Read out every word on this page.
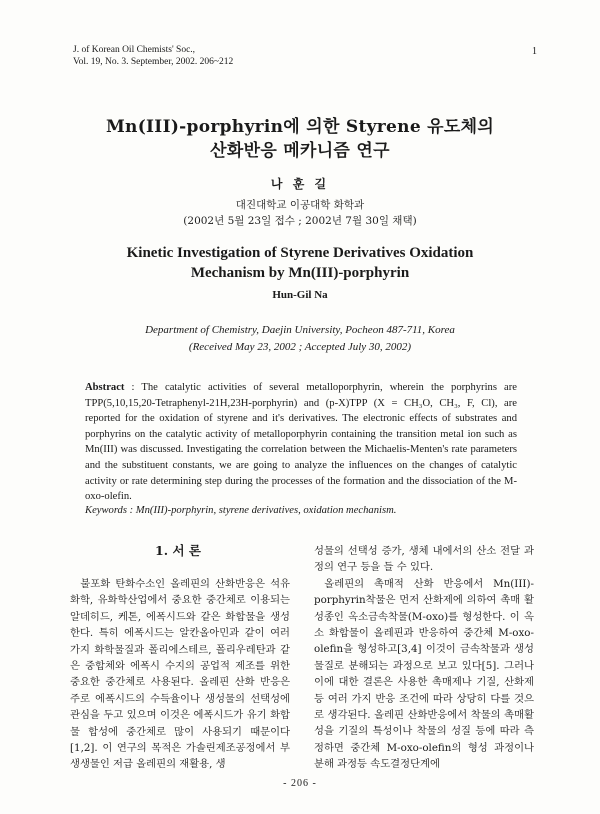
J. of Korean Oil Chemists' Soc.,
Vol. 19, No. 3. September, 2002. 206~212
1
Mn(III)-porphyrin에 의한 Styrene 유도체의
산화반응 메카니즘 연구
나 훈 길
대진대학교 이공대학 화학과
(2002년 5월 23일 접수 ; 2002년 7월 30일 채택)
Kinetic Investigation of Styrene Derivatives Oxidation
Mechanism by Mn(III)-porphyrin
Hun-Gil Na
Department of Chemistry, Daejin University, Pocheon 487-711, Korea
(Received May 23, 2002 ; Accepted July 30, 2002)
Abstract : The catalytic activities of several metalloporphyrin, wherein the porphyrins are TPP(5,10,15,20-Tetraphenyl-21H,23H-porphyrin) and (p-X)TPP (X = CH₃O, CH₃, F, Cl), are reported for the oxidation of styrene and it's derivatives. The electronic effects of substrates and porphyrins on the catalytic activity of metalloporphyrin containing the transition metal ion such as Mn(III) was discussed. Investigating the correlation between the Michaelis-Menten's rate parameters and the substituent constants, we are going to analyze the influences on the changes of catalytic activity or rate determining step during the processes of the formation and the dissociation of the M-oxo-olefin.
Keywords : Mn(III)-porphyrin, styrene derivatives, oxidation mechanism.
1. 서 론

불포화 탄화수소인 올레핀의 산화반응은 석유화학, 유화학산업에서 중요한 중간체로 이용되는 알데히드, 케톤, 에폭시드와 같은 화합물을 생성한다. 특히 에폭시드는 알칸올아민과 같이 여러 가지 화학물질과 폴리에스테르, 폴리우레탄과 같은 중합체와 에폭시 수지의 공업적 제조를 위한 중요한 중간체로 사용된다. 올레핀 산화 반응은 주로 에폭시드의 수득율이나 생성물의 선택성에 관심을 두고 있으며 이것은 에폭시드가 유기 화합물 합성에 중간체로 많이 사용되기 때문이다[1,2]. 이 연구의 목적은 가솔린제조공정에서 부생생물인 저급 올레핀의 재활용, 생

성물의 선택성 증가, 생체 내에서의 산소 전달 과정의 연구 등을 들 수 있다.

올레핀의 촉매적 산화 반응에서 Mn(III)-porphyrin착물은 먼저 산화제에 의하여 촉매 활성종인 옥소금속착물(M-oxo)를 형성한다. 이 옥소 화합물이 올레핀과 반응하여 중간체 M-oxo-olefin을 형성하고[3,4] 이것이 금속착물과 생성물질로 분해되는 과정으로 보고 있다[5]. 그러나 이에 대한 결론은 사용한 촉매제나 기질, 산화제 등 여러 가지 반응 조건에 따라 상당히 다를 것으로 생각된다. 올레핀 산화반응에서 착물의 촉매활성을 기질의 특성이나 착물의 성질 등에 따라 측정하면 중간체 M-oxo-olefin의 형성 과정이나 분해 과정등 속도결정단계에

- 206 -
